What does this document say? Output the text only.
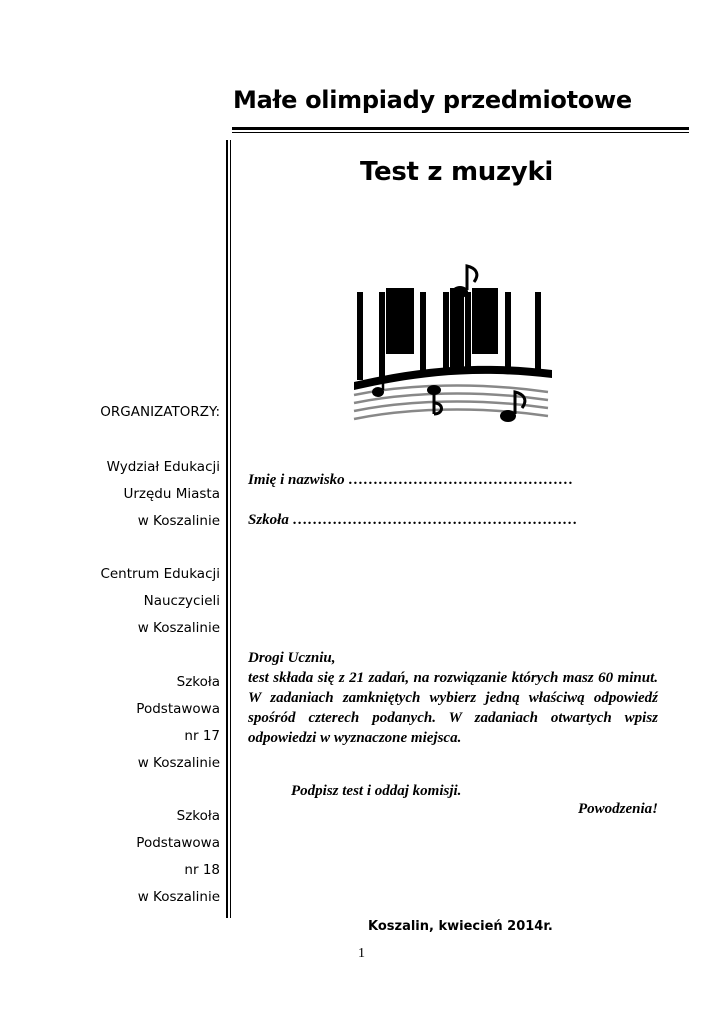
Małe olimpiady przedmiotowe
Test z muzyki
ORGANIZATORZY:
Wydział Edukacji
Urzędu Miasta
w Koszalinie
Centrum Edukacji
Nauczycieli
w Koszalinie
Szkoła
Podstawowa
nr 17
w Koszalinie
Szkoła
Podstawowa
nr 18
w Koszalinie
Imię i nazwisko ………………………………………
Szkoła …………………………………………………
Drogi Uczniu,
test składa się z 21 zadań, na rozwiązanie których masz 60 minut. W zadaniach zamkniętych wybierz jedną właściwą odpowiedź spośród czterech podanych. W zadaniach otwartych wpisz odpowiedzi w wyznaczone miejsca.
Podpisz test i oddaj komisji.
Powodzenia!
Koszalin, kwiecień 2014r.
1
